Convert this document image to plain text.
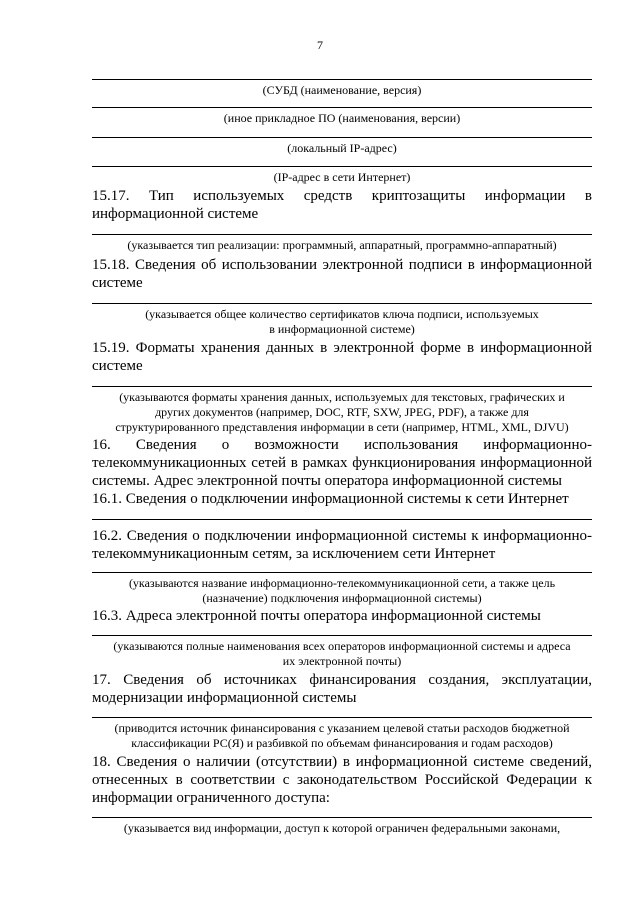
7
(СУБД (наименование, версия)
(иное прикладное ПО (наименования, версии)
(локальный IP-адрес)
(IP-адрес в сети Интернет)
15.17. Тип используемых средств криптозащиты информации в
информационной системе
(указывается тип реализации: программный, аппаратный, программно-аппаратный)
15.18. Сведения об использовании электронной подписи в информационной
системе
(указывается общее количество сертификатов ключа подписи, используемых
в информационной системе)
15.19. Форматы хранения данных в электронной форме в информационной
системе
(указываются форматы хранения данных, используемых для текстовых, графических и
других документов (например, DOC, RTF, SXW, JPEG, PDF), а также для
структурированного представления информации в сети (например, HTML, XML, DJVU)
16. Сведения о возможности использования информационно-
телекоммуникационных сетей в рамках функционирования информационной
системы. Адрес электронной почты оператора информационной системы
16.1. Сведения о подключении информационной системы к сети Интернет
16.2. Сведения о подключении информационной системы к информационно-
телекоммуникационным сетям, за исключением сети Интернет
(указываются название информационно-телекоммуникационной сети, а также цель
(назначение) подключения информационной системы)
16.3. Адреса электронной почты оператора информационной системы
(указываются полные наименования всех операторов информационной системы и адреса
их электронной почты)
17. Сведения об источниках финансирования создания, эксплуатации,
модернизации информационной системы
(приводится источник финансирования с указанием целевой статьи расходов бюджетной
классификации РС(Я) и разбивкой по объемам финансирования и годам расходов)
18. Сведения о наличии (отсутствии) в информационной системе сведений,
отнесенных в соответствии с законодательством Российской Федерации к
информации ограниченного доступа:
(указывается вид информации, доступ к которой ограничен федеральными законами,
